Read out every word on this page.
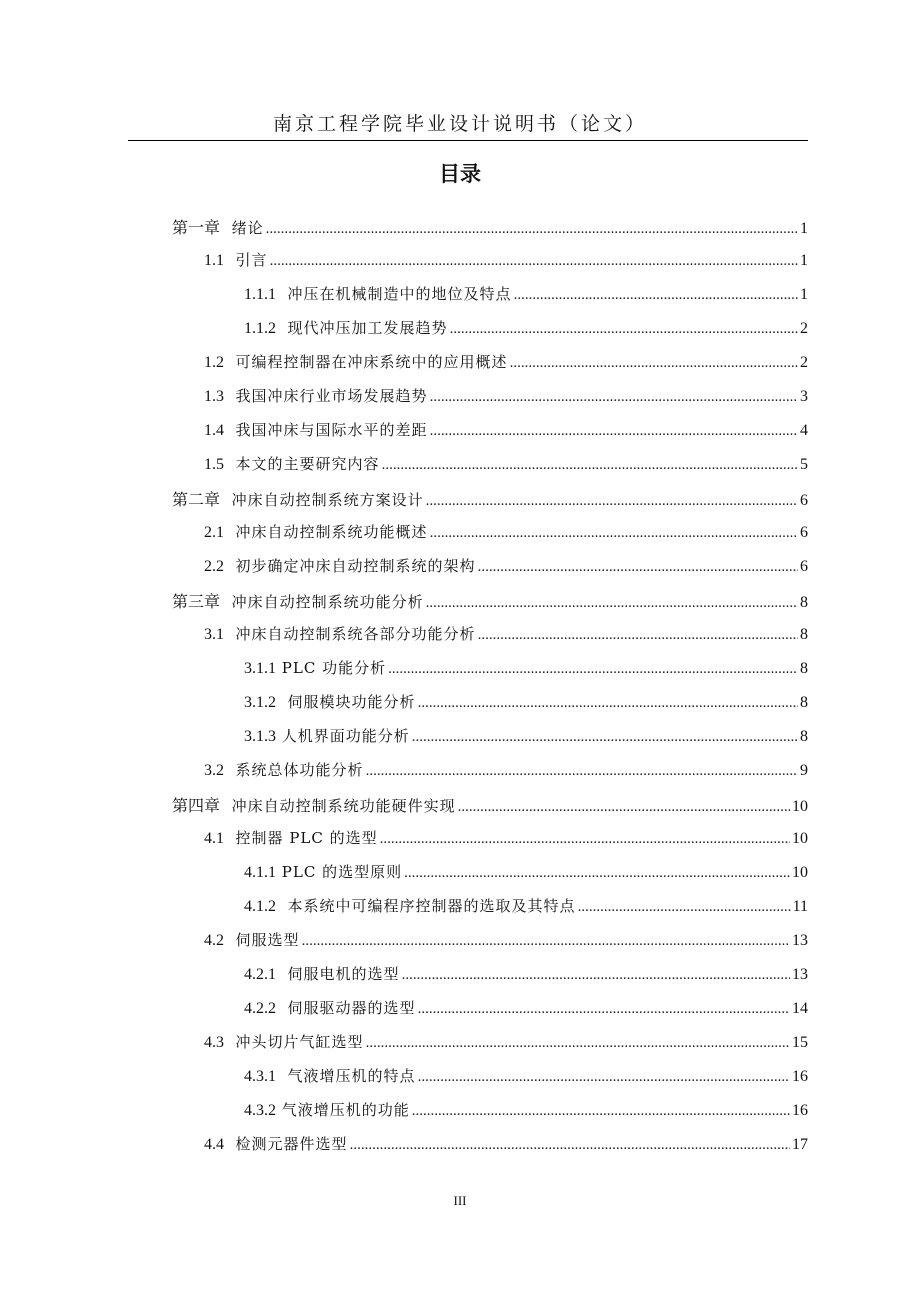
南京工程学院毕业设计说明书（论文）
目录
第一章 绪论 .....	1
1.1 引言 .....	1
1.1.1 冲压在机械制造中的地位及特点 .....	1
1.1.2 现代冲压加工发展趋势 .....	2
1.2 可编程控制器在冲床系统中的应用概述 .....	2
1.3 我国冲床行业市场发展趋势 .....	3
1.4 我国冲床与国际水平的差距 .....	4
1.5 本文的主要研究内容 .....	5
第二章 冲床自动控制系统方案设计 .....	6
2.1 冲床自动控制系统功能概述 .....	6
2.2 初步确定冲床自动控制系统的架构 .....	6
第三章 冲床自动控制系统功能分析 .....	8
3.1 冲床自动控制系统各部分功能分析 .....	8
3.1.1 PLC 功能分析 .....	8
3.1.2 伺服模块功能分析 .....	8
3.1.3 人机界面功能分析 .....	8
3.2 系统总体功能分析 .....	9
第四章 冲床自动控制系统功能硬件实现 .....	10
4.1 控制器 PLC 的选型 .....	10
4.1.1 PLC 的选型原则 .....	10
4.1.2 本系统中可编程序控制器的选取及其特点 .....	11
4.2 伺服选型 .....	13
4.2.1 伺服电机的选型 .....	13
4.2.2 伺服驱动器的选型 .....	14
4.3 冲头切片气缸选型 .....	15
4.3.1 气液增压机的特点 .....	16
4.3.2 气液增压机的功能 .....	16
4.4 检测元器件选型 .....	17
III
